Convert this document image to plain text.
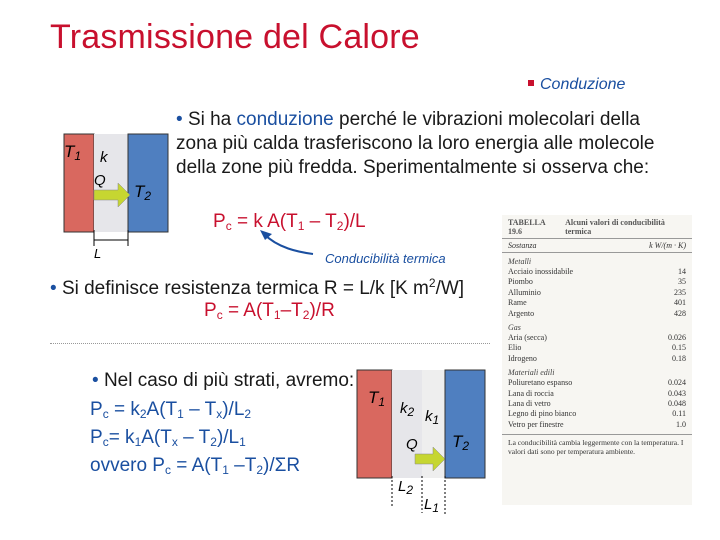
Trasmissione del Calore
Conduzione
$T_1$ k
Q
$T_2$
L
• Si ha conduzione perché le vibrazioni molecolari della zona più calda trasferiscono la loro energia alle molecole della zone più fredda. Sperimentalmente si osserva che:
$P_c = k$ $A(T_1 - T_2)/L$
Conducibilità termica
• Si definisce resistenza termica R = L/k [K $m^2/W$]
$P_c = A(T_1-T_2)/R$
• Nel caso di più strati, avremo:
$P_c = k_2A(T_1 - T_x)/L_2$
$P_c= k_1A(T_x - T_2)/L_1$
ovvero $P_c = A(T_1$ $-T_2)/\Sigma R$
$T_1$ $k_2$ $k_1$
Q $T_2$
$L_2$
$L_1$
TABELLA 19.6
Alcuni valori di conducibilità termica
Sostanza	k W/(m · K)
Metalli
Acciaio inossidabile	14
Piombo	35
Alluminio	235
Rame	401
Argento	428
Gas
Aria (secca)	0.026
Elio	0.15
Idrogeno	0.18
Materiali edili
Poliuretano espanso	0.024
Lana di roccia	0.043
Lana di vetro	0.048
Legno di pino bianco	0.11
Vetro per finestre	1.0
La conducibilità cambia leggermente con la temperatura. I valori dati sono per temperatura ambiente.
